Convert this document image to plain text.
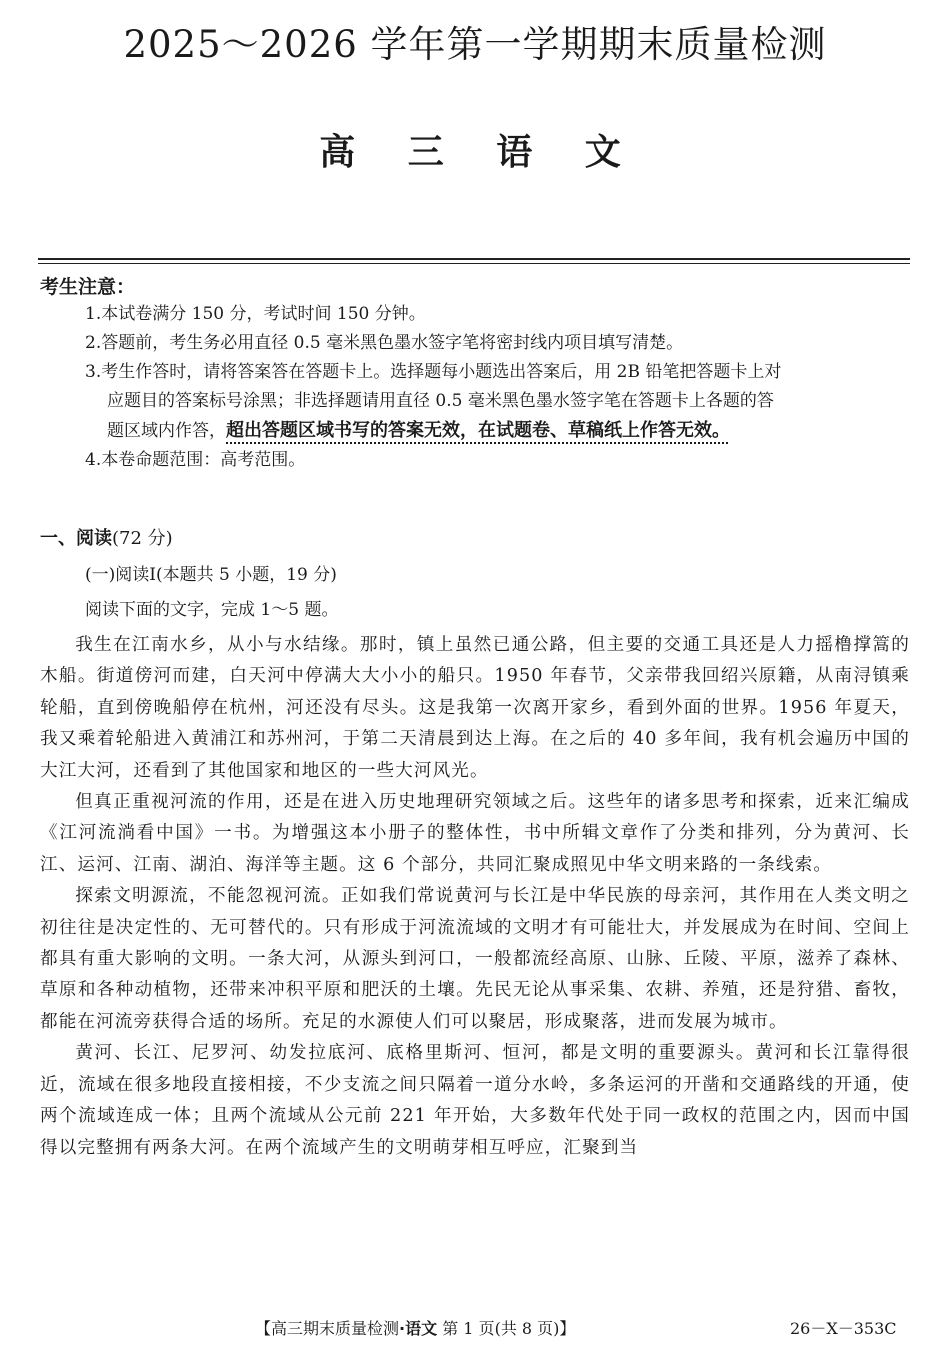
2025～2026 学年第一学期期末质量检测
高 三 语 文
考生注意：
1.本试卷满分 150 分，考试时间 150 分钟。
2.答题前，考生务必用直径 0.5 毫米黑色墨水签字笔将密封线内项目填写清楚。
3.考生作答时，请将答案答在答题卡上。选择题每小题选出答案后，用 2B 铅笔把答题卡上对
应题目的答案标号涂黑；非选择题请用直径 0.5 毫米黑色墨水签字笔在答题卡上各题的答
题区域内作答，超出答题区域书写的答案无效，在试题卷、草稿纸上作答无效。
4.本卷命题范围：高考范围。
一、阅读(72 分)
(一)阅读Ⅰ(本题共 5 小题，19 分)
阅读下面的文字，完成 1～5 题。

我生在江南水乡，从小与水结缘。那时，镇上虽然已通公路，但主要的交通工具还是人力摇橹撑篙的木船。街道傍河而建，白天河中停满大大小小的船只。1950 年春节，父亲带我回绍兴原籍，从南浔镇乘轮船，直到傍晚船停在杭州，河还没有尽头。这是我第一次离开家乡，看到外面的世界。1956 年夏天，我又乘着轮船进入黄浦江和苏州河，于第二天清晨到达上海。在之后的 40 多年间，我有机会遍历中国的大江大河，还看到了其他国家和地区的一些大河风光。

但真正重视河流的作用，还是在进入历史地理研究领域之后。这些年的诸多思考和探索，近来汇编成《江河流淌看中国》一书。为增强这本小册子的整体性，书中所辑文章作了分类和排列，分为黄河、长江、运河、江南、湖泊、海洋等主题。这 6 个部分，共同汇聚成照见中华文明来路的一条线索。

探索文明源流，不能忽视河流。正如我们常说黄河与长江是中华民族的母亲河，其作用在人类文明之初往往是决定性的、无可替代的。只有形成于河流流域的文明才有可能壮大，并发展成为在时间、空间上都具有重大影响的文明。一条大河，从源头到河口，一般都流经高原、山脉、丘陵、平原，滋养了森林、草原和各种动植物，还带来冲积平原和肥沃的土壤。先民无论从事采集、农耕、养殖，还是狩猎、畜牧，都能在河流旁获得合适的场所。充足的水源使人们可以聚居，形成聚落，进而发展为城市。

黄河、长江、尼罗河、幼发拉底河、底格里斯河、恒河，都是文明的重要源头。黄河和长江靠得很近，流域在很多地段直接相接，不少支流之间只隔着一道分水岭，多条运河的开凿和交通路线的开通，使两个流域连成一体；且两个流域从公元前 221 年开始，大多数年代处于同一政权的范围之内，因而中国得以完整拥有两条大河。在两个流域产生的文明萌芽相互呼应，汇聚到当

【高三期末质量检测·语文 第 1 页(共 8 页)】	26－X－353C
